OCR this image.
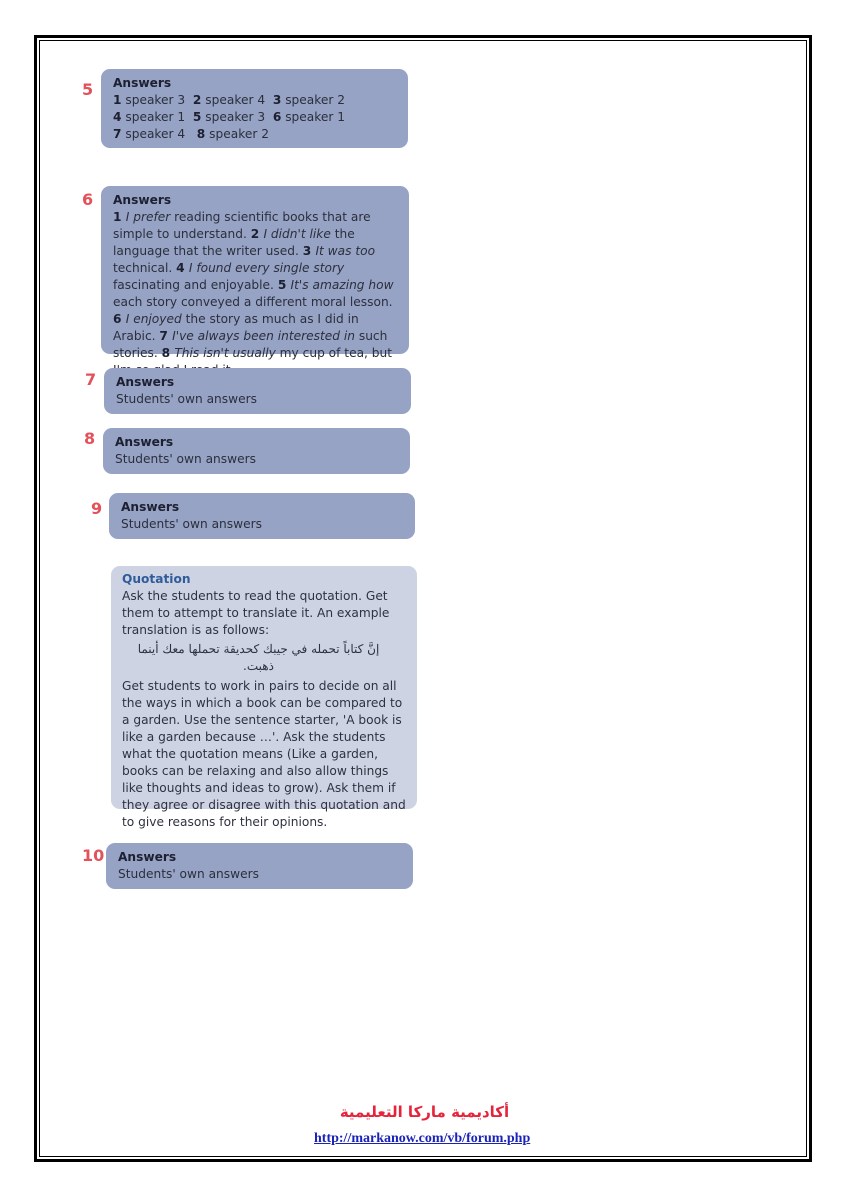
5 Answers
1 speaker 3  2 speaker 4  3 speaker 2
4 speaker 1  5 speaker 3  6 speaker 1
7 speaker 4   8 speaker 2
6 Answers
1 I prefer reading scientific books that are simple to understand. 2 I didn't like the language that the writer used. 3 It was too technical. 4 I found every single story fascinating and enjoyable. 5 It's amazing how each story conveyed a different moral lesson. 6 I enjoyed the story as much as I did in Arabic. 7 I've always been interested in such stories. 8 This isn't usually my cup of tea, but
7 Answers
Students' own answers
8 Answers
Students' own answers
9 Answers
Students' own answers
Quotation
Ask the students to read the quotation. Get them to attempt to translate it. An example translation is as follows:
إنَّ كتاباً تحمله في جيبك كحديقة تحملها معك أينما ذهبت.
Get students to work in pairs to decide on all the ways in which a book can be compared to a garden. Use the sentence starter, 'A book is like a garden because …'. Ask the students what the quotation means (Like a garden, books can be relaxing and also allow things like thoughts and ideas to grow). Ask them if they agree or disagree with this quotation and to give reasons for their opinions.
10 Answers
Students' own answers
أكاديمية ماركا التعليمية
http://markanow.com/vb/forum.php
